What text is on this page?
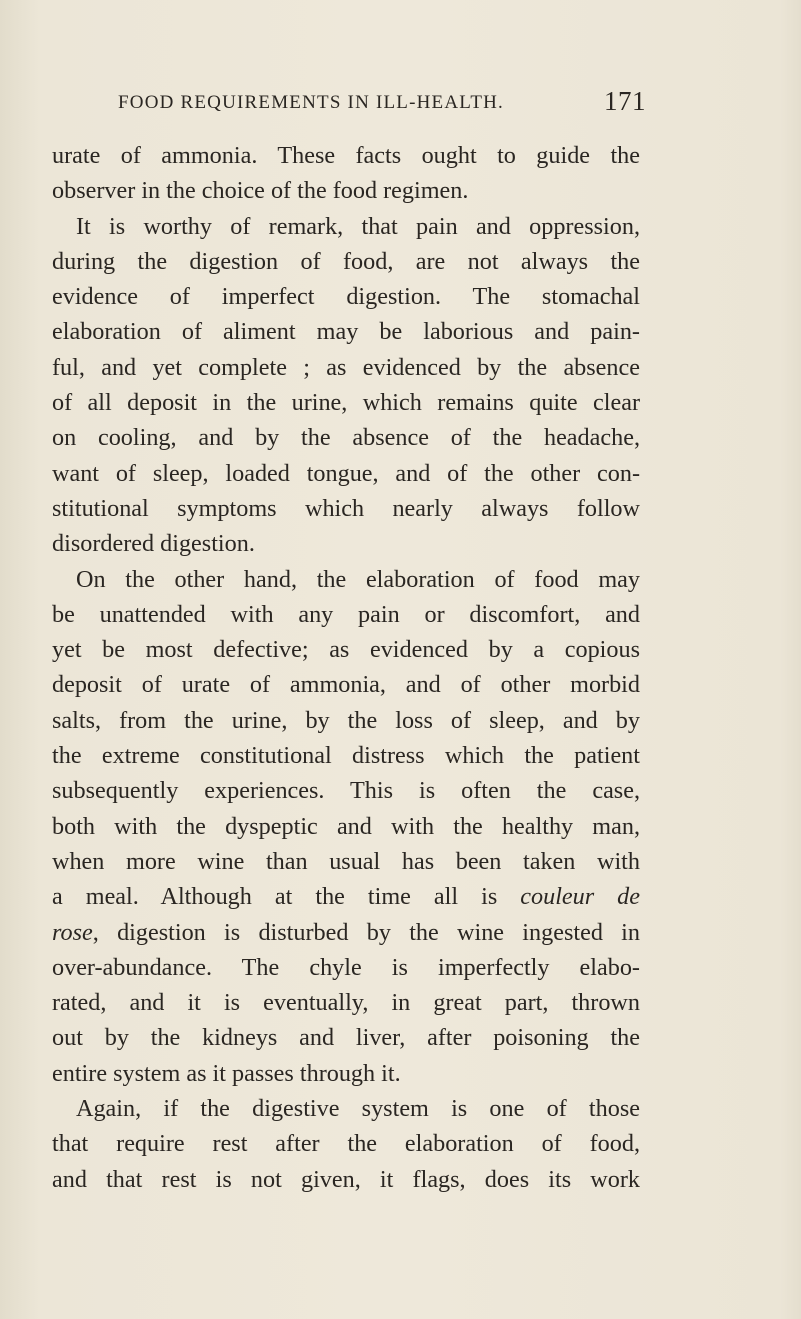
FOOD REQUIREMENTS IN ILL-HEALTH.	171
urate of ammonia. These facts ought to guide the
observer in the choice of the food regimen.
It is worthy of remark, that pain and oppression,
during the digestion of food, are not always the
evidence of imperfect digestion. The stomachal
elaboration of aliment may be laborious and pain-
ful, and yet complete ; as evidenced by the absence
of all deposit in the urine, which remains quite clear
on cooling, and by the absence of the headache,
want of sleep, loaded tongue, and of the other con-
stitutional symptoms which nearly always follow
disordered digestion.
On the other hand, the elaboration of food may
be unattended with any pain or discomfort, and
yet be most defective; as evidenced by a copious
deposit of urate of ammonia, and of other morbid
salts, from the urine, by the loss of sleep, and by
the extreme constitutional distress which the patient
subsequently experiences. This is often the case,
both with the dyspeptic and with the healthy man,
when more wine than usual has been taken with
a meal. Although at the time all is couleur de
rose, digestion is disturbed by the wine ingested in
over-abundance. The chyle is imperfectly elabo-
rated, and it is eventually, in great part, thrown
out by the kidneys and liver, after poisoning the
entire system as it passes through it.
Again, if the digestive system is one of those
that require rest after the elaboration of food,
and that rest is not given, it flags, does its work
